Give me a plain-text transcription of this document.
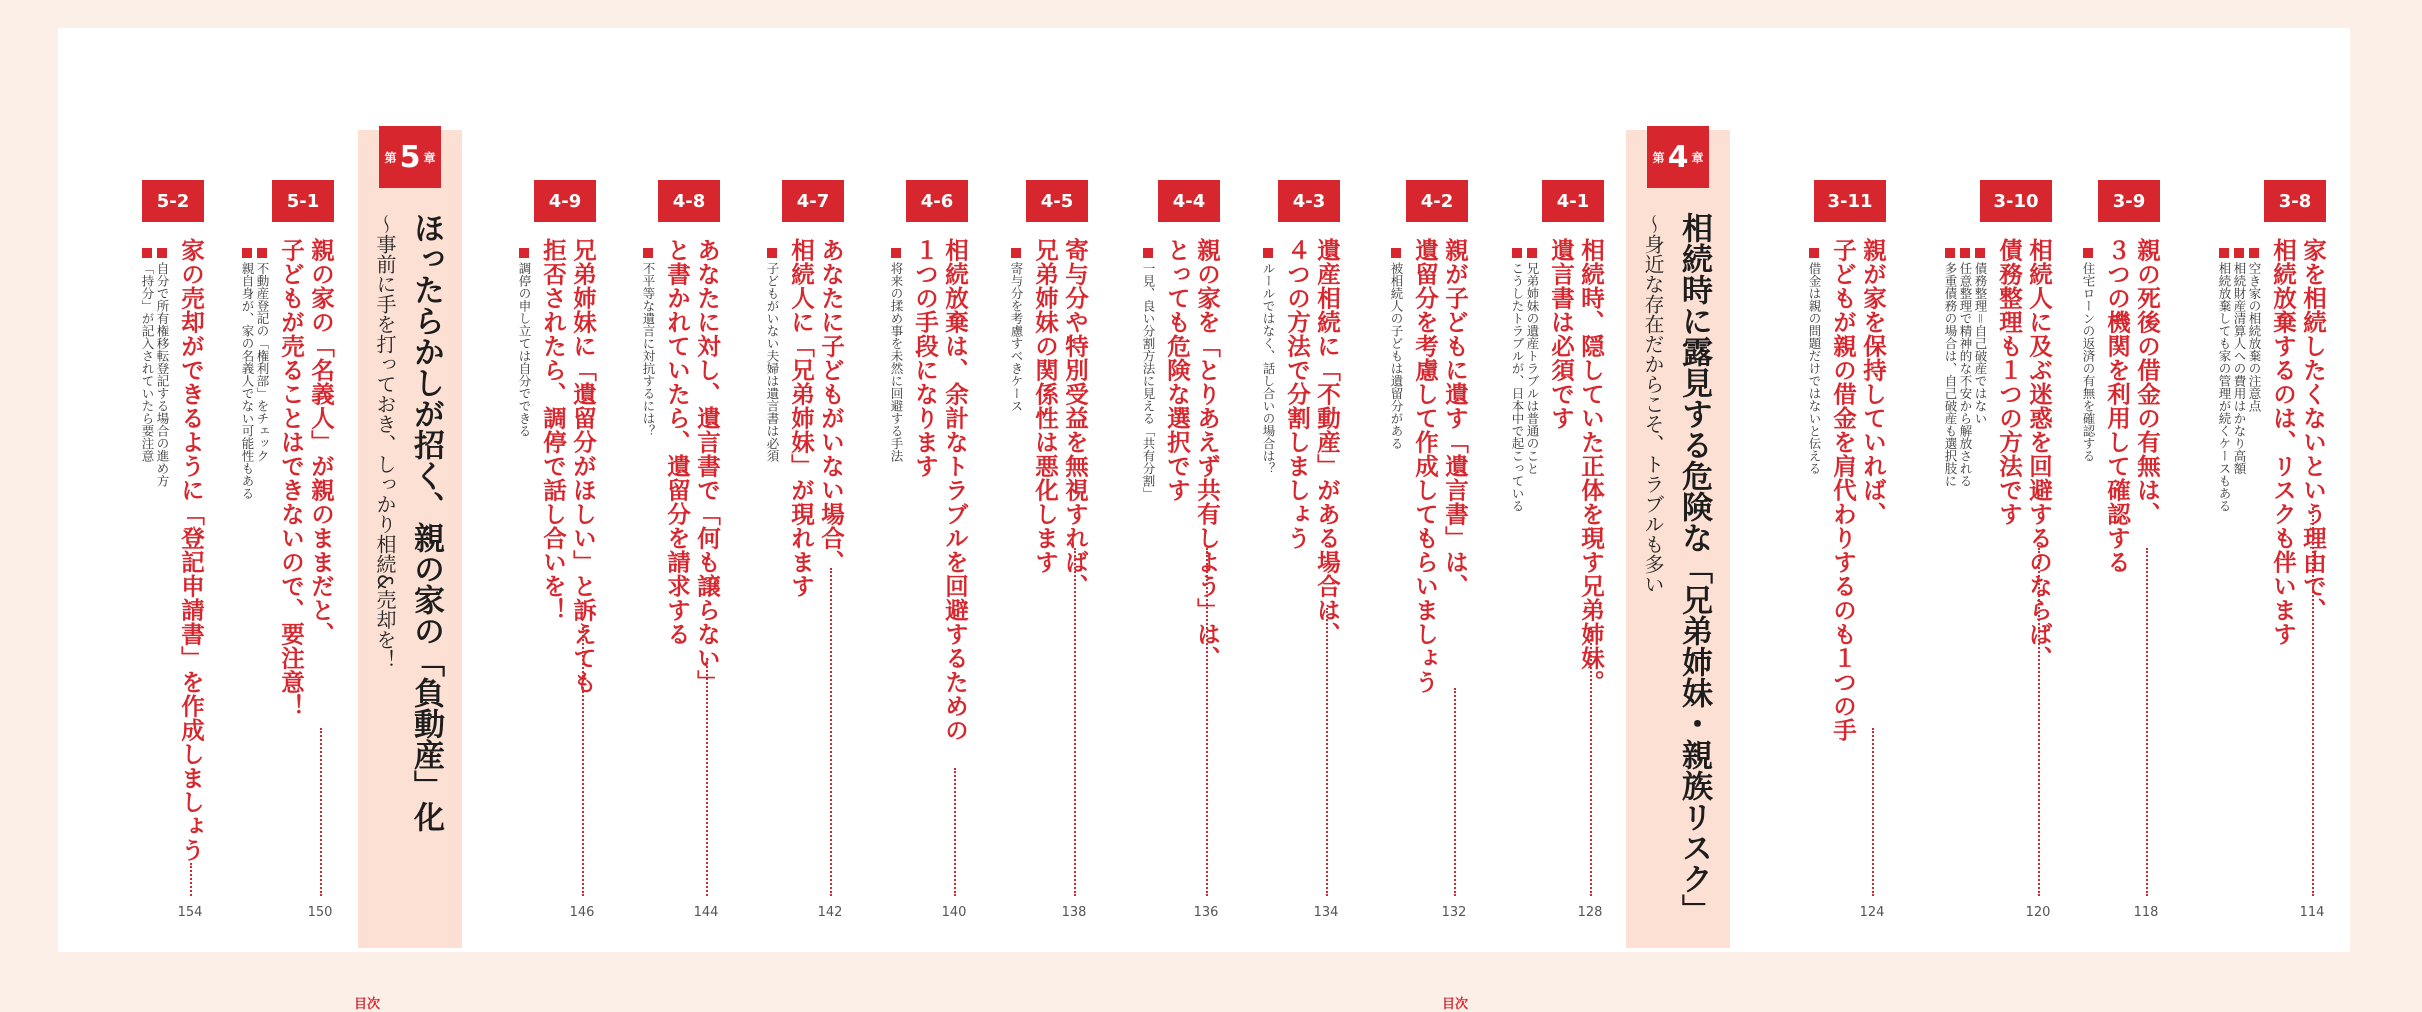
第 5 章
ほったらかしが招く、親の家の「負動産」化
〜事前に手を打っておき、しっかり相続&売却を！
第 4 章
相続時に露見する危険な「兄弟姉妹・親族リスク」
〜身近な存在だからこそ、トラブルも多い
3-8
家を相続したくないという理由で、
相続放棄するのは、リスクも伴います
空き家の相続放棄の注意点
相続財産清算人への費用はかなり高額
相続放棄しても家の管理が続くケースもある
114
3-9
親の死後の借金の有無は、
３つの機関を利用して確認する
住宅ローンの返済の有無を確認する
118
3-10
相続人に及ぶ迷惑を回避するのならば、
債務整理も１つの方法です
債務整理＝自己破産ではない
任意整理で精神的な不安から解放される
多重債務の場合は、自己破産も選択肢に
120
3-11
親が家を保持していれば、
子どもが親の借金を肩代わりするのも１つの手
借金は親の問題だけではないと伝える
124
4-1
相続時、隠していた正体を現す兄弟姉妹。
遺言書は必須です
兄弟姉妹の遺産トラブルは普通のこと
こうしたトラブルが、日本中で起こっている
128
4-2
親が子どもに遺す「遺言書」は、
遺留分を考慮して作成してもらいましょう
被相続人の子どもは遺留分がある
132
4-3
遺産相続に「不動産」がある場合は、
４つの方法で分割しましょう
ルールではなく、話し合いの場合は？
134
4-4
親の家を「とりあえず共有しよう」は、
とっても危険な選択です
一見、良い分割方法に見える「共有分割」
136
4-5
寄与分や特別受益を無視すれば、
兄弟姉妹の関係性は悪化します
寄与分を考慮すべきケース
138
4-6
相続放棄は、余計なトラブルを回避するための
１つの手段になります
将来の揉め事を未然に回避する手法
140
4-7
あなたに子どもがいない場合、
相続人に「兄弟姉妹」が現れます
子どもがいない夫婦は遺言書は必須
142
4-8
あなたに対し、遺言書で「何も譲らない」
と書かれていたら、遺留分を請求する
不平等な遺言に対抗するには？
144
4-9
兄弟姉妹に「遺留分がほしい」と訴えても
拒否されたら、調停で話し合いを！
調停の申し立ては自分でできる
146
5-1
親の家の「名義人」が親のままだと、
子どもが売ることはできないので、要注意！
不動産登記の「権利部」をチェック
親自身が、家の名義人でない可能性もある
150
5-2
家の売却ができるように「登記申請書」を作成しましょう
自分で所有権移転登記する場合の進め方
「持分」が記入されていたら要注意
154
目次	目次
